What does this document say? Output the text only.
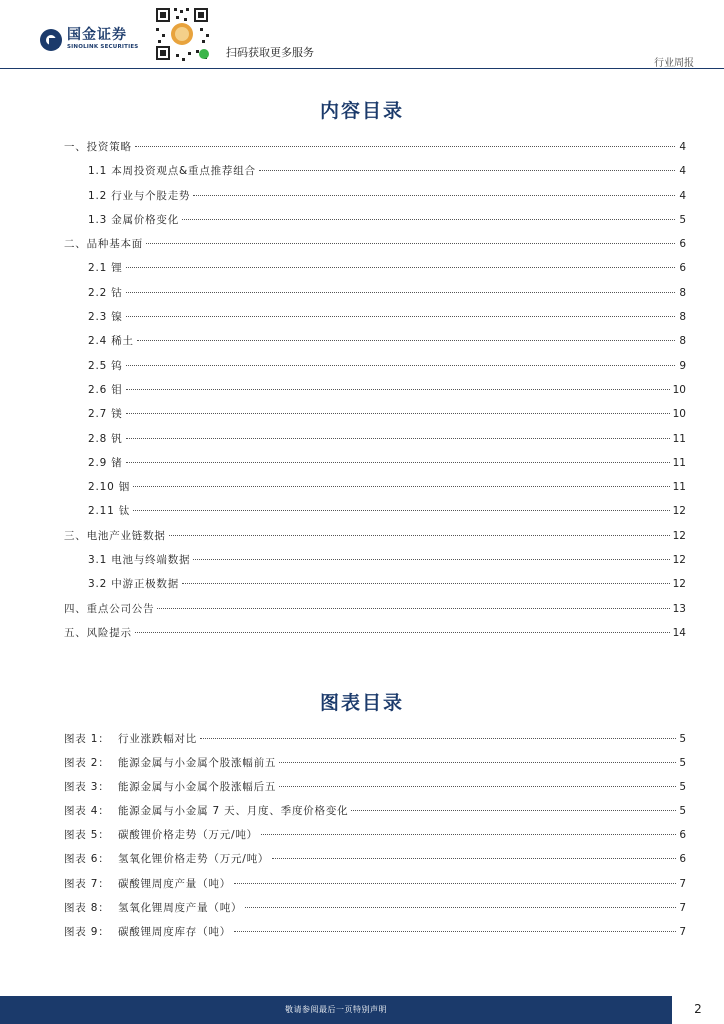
国金证券
SINOLINK SECURITIES	扫码获取更多服务
行业周报
内容目录
一、投资策略	4
1.1 本周投资观点&重点推荐组合	4
1.2 行业与个股走势	4
1.3 金属价格变化	5
二、品种基本面	6
2.1 锂	6
2.2 钴	8
2.3 镍	8
2.4 稀土	8
2.5 钨	9
2.6 钼	10
2.7 镁	10
2.8 钒	11
2.9 锗	11
2.10 铟	11
2.11 钛	12
三、电池产业链数据	12
3.1 电池与终端数据	12
3.2 中游正极数据	12
四、重点公司公告	13
五、风险提示	14
图表目录
图表 1： 行业涨跌幅对比	5
图表 2： 能源金属与小金属个股涨幅前五	5
图表 3： 能源金属与小金属个股涨幅后五	5
图表 4： 能源金属与小金属 7 天、月度、季度价格变化	5
图表 5： 碳酸锂价格走势（万元/吨）	6
图表 6： 氢氧化锂价格走势（万元/吨）	6
图表 7： 碳酸锂周度产量（吨）	7
图表 8： 氢氧化锂周度产量（吨）	7
图表 9： 碳酸锂周度库存（吨）	7
敬请参阅最后一页特别声明	2
